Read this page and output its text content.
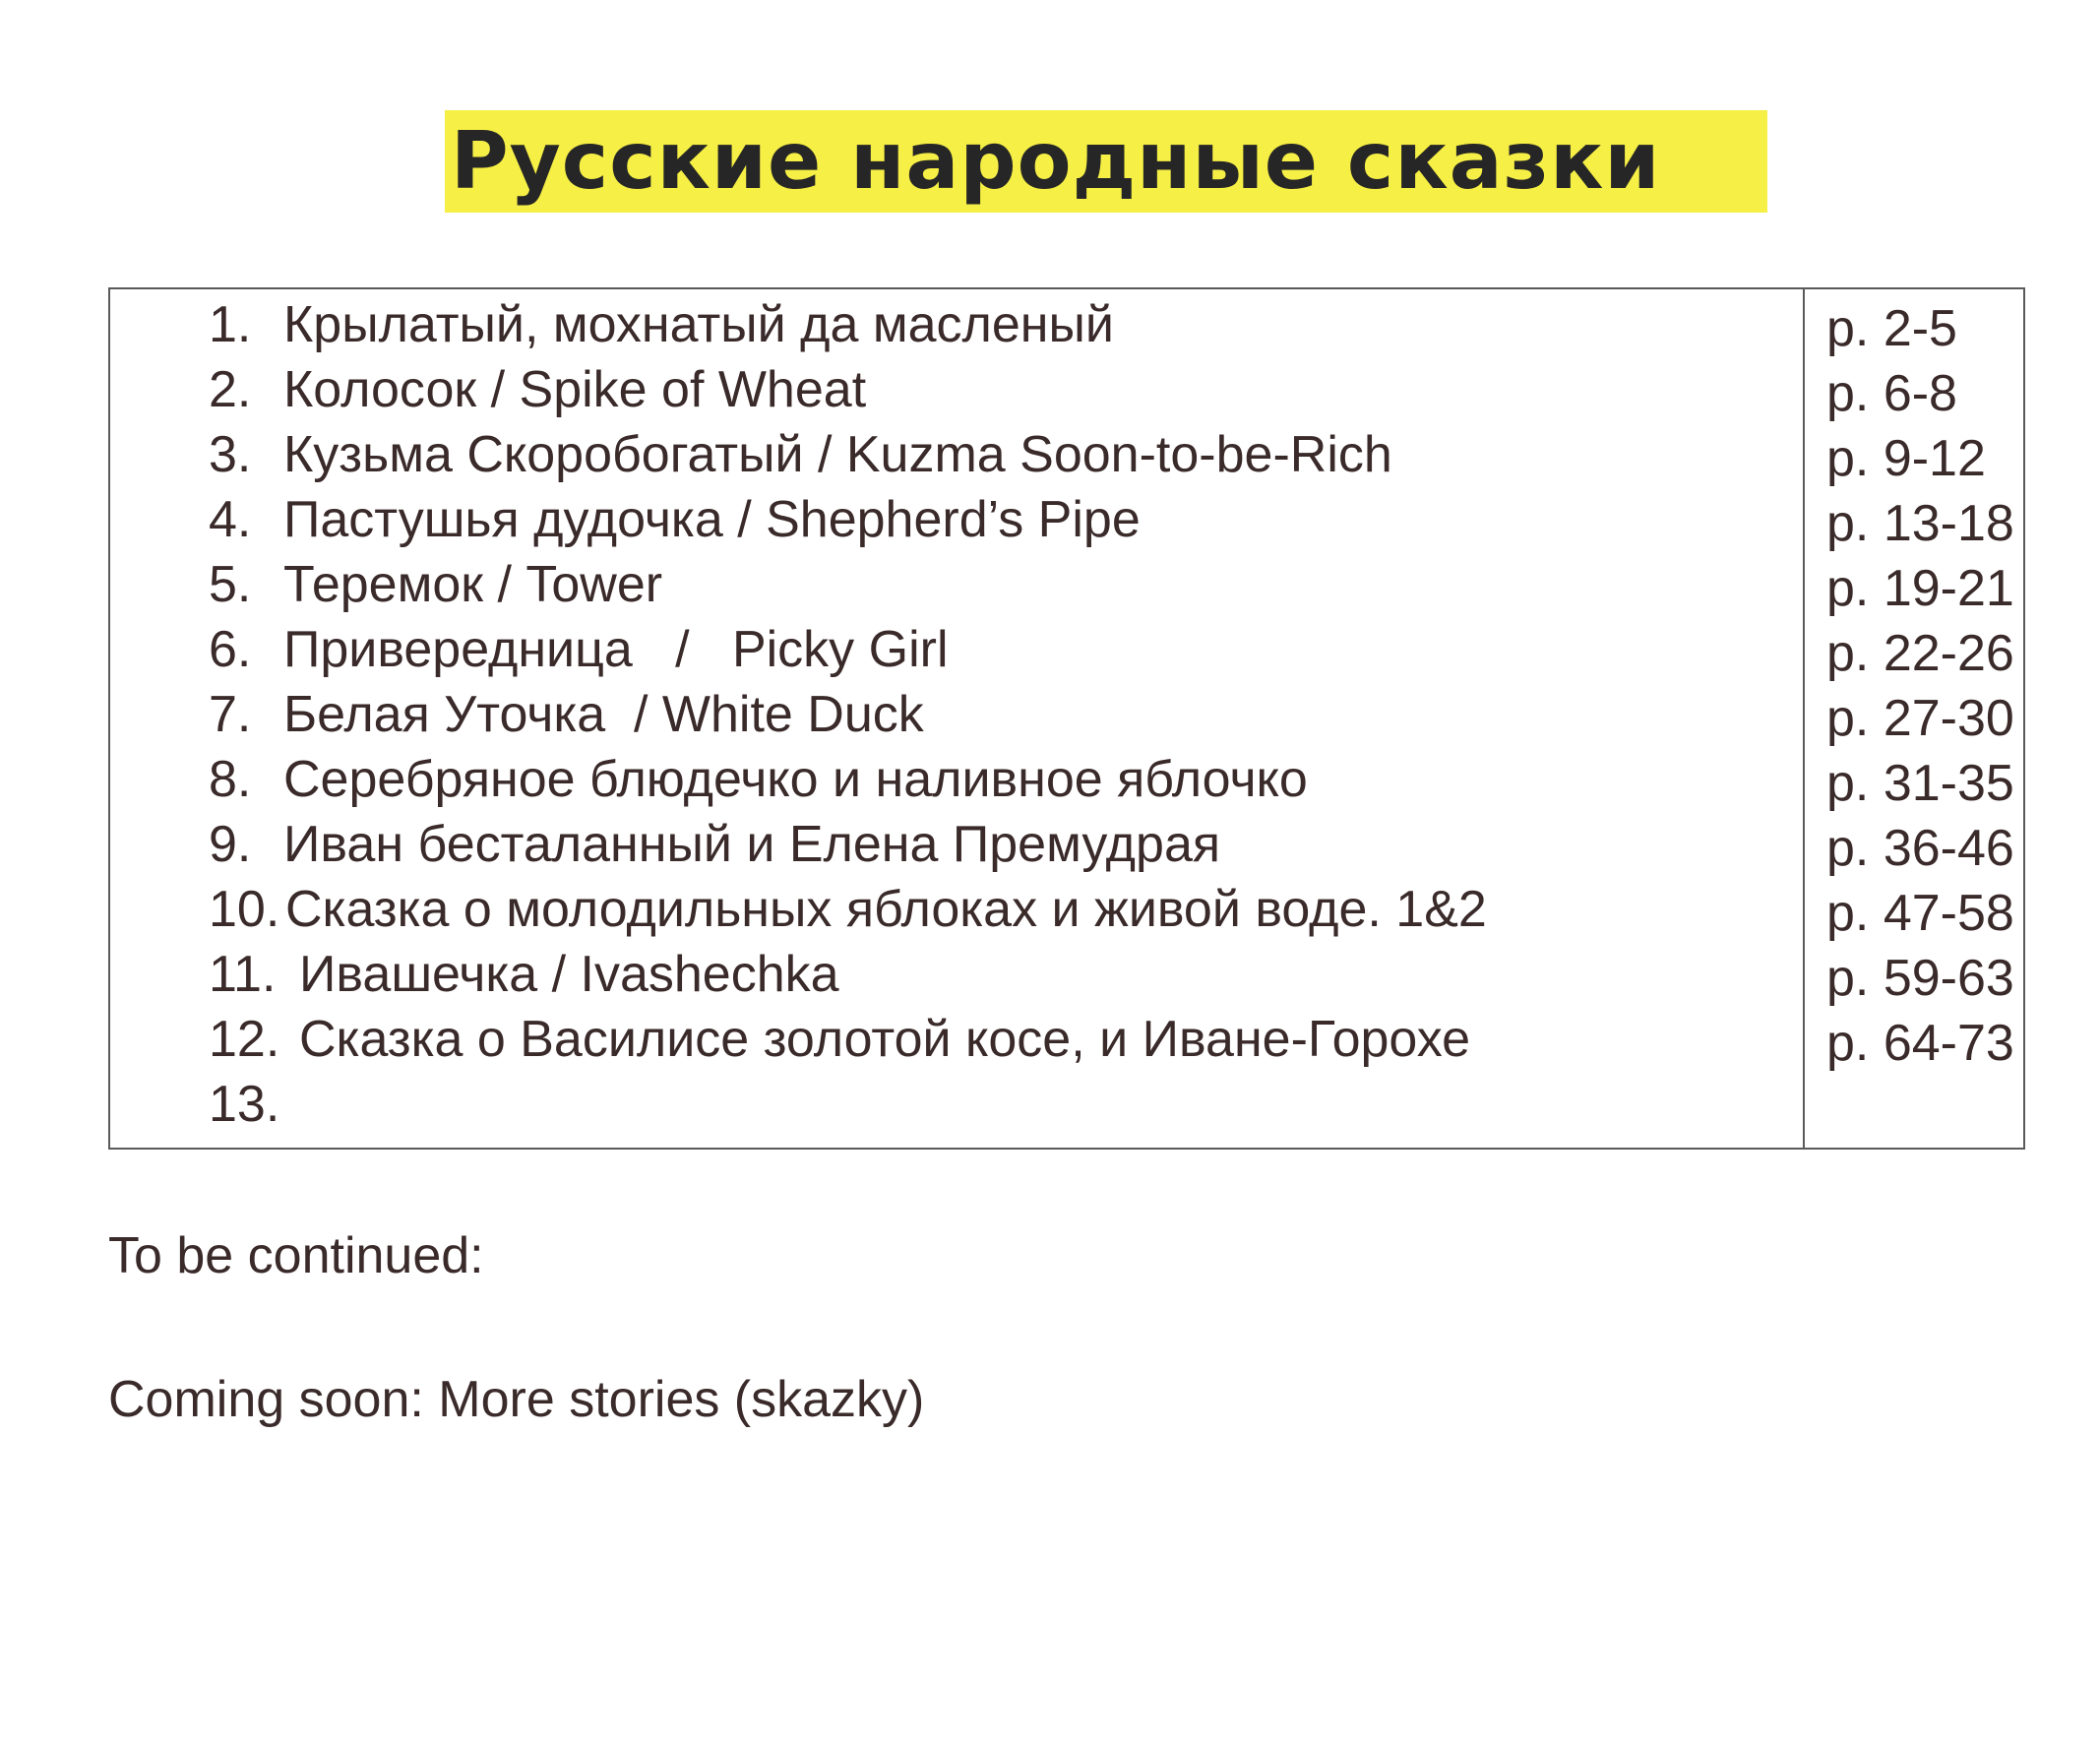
Русские народные сказки
1. Крылатый, мохнатый да масленый
2. Колосок / Spike of Wheat
3. Кузьма Скоробогатый / Kuzma Soon-to-be-Rich
4. Пастушья дудочка / Shepherd’s Pipe
5. Теремок / Tower
6. Привередница   /   Picky Girl
7. Белая Уточка  / White Duck
8. Серебряное блюдечко и наливное яблочко
9. Иван бесталанный и Елена Премудрая
10. Сказка о молодильных яблоках и живой воде. 1&2
11. Ивашечка / Ivashechka
12. Сказка о Василисе золотой косе, и Иване-Горохе
13.
p. 2-5
p. 6-8
p. 9-12
p. 13-18
p. 19-21
p. 22-26
p. 27-30
p. 31-35
p. 36-46
p. 47-58
p. 59-63
p. 64-73
To be continued:
Coming soon: More stories (skazky)
